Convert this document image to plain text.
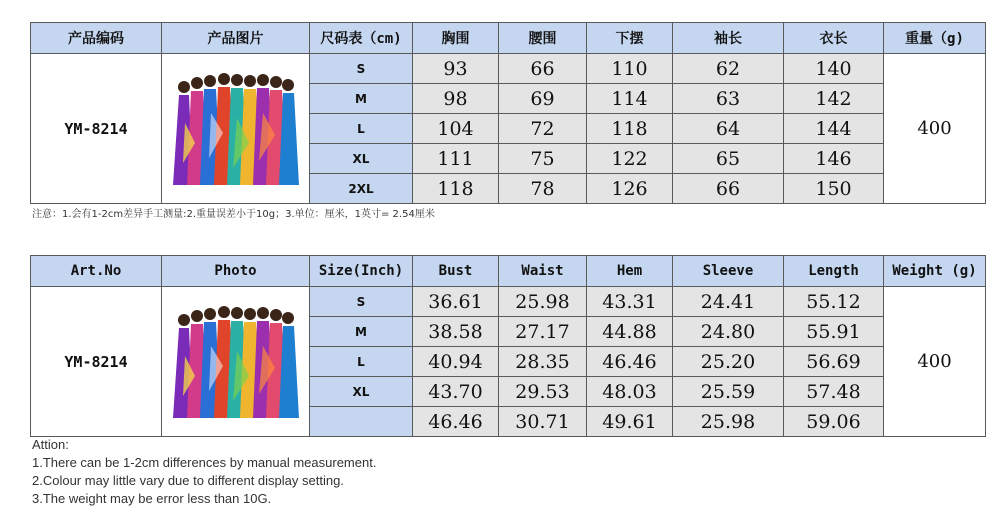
产品编码	产品图片	尺码表（cm)	胸围	腰围	下摆	袖长	衣长	重量（g)
YM-8214		S	93	66	110	62	140	400
		M	98	69	114	63	142	
		L	104	72	118	64	144	
		XL	111	75	122	65	146	
		2XL	118	78	126	66	150	
注意：1.会有1-2cm差异手工测量:2.重量误差小于10g；3.单位：厘米，1英寸= 2.54厘米
Art.No	Photo	Size(Inch)	Bust	Waist	Hem	Sleeve	Length	Weight (g)
YM-8214		S	36.61	25.98	43.31	24.41	55.12	400
		M	38.58	27.17	44.88	24.80	55.91	
		L	40.94	28.35	46.46	25.20	56.69	
		XL	43.70	29.53	48.03	25.59	57.48	
			46.46	30.71	49.61	25.98	59.06	
Attion:
1.There can be 1-2cm differences by manual measurement.
2.Colour may little vary due to different display setting.
3.The weight may be error less than 10G.
